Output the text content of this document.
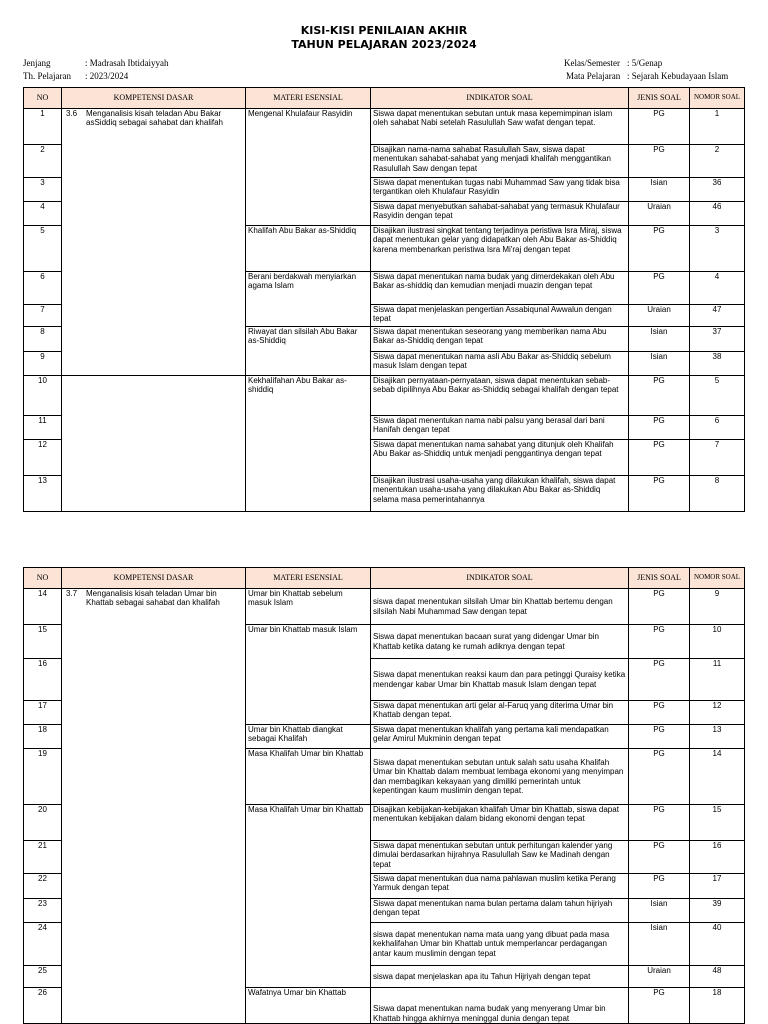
KISI-KISI PENILAIAN AKHIR
TAHUN PELAJARAN 2023/2024
Jenjang	: Madrasah Ibtidaiyyah
Th. Pelajaran : 2023/2024
Kelas/Semester : 5/Genap
Mata Pelajaran : Sejarah Kebudayaan Islam
NO	KOMPETENSI DASAR	MATERI ESENSIAL	INDIKATOR SOAL	JENIS SOAL	NOMOR SOAL
1	3.6 Menganalisis kisah teladan Abu Bakar asSiddiq sebagai sahabat dan khalifah	Mengenal Khulafaur Rasyidin	Siswa dapat menentukan sebutan untuk masa kepemimpinan islam oleh sahabat Nabi setelah Rasulullah Saw wafat dengan tepat.	PG	1
2			Disajikan nama-nama sahabat Rasulullah Saw, siswa dapat menentukan sahabat-sahabat yang menjadi khalifah menggantikan Rasulullah Saw dengan tepat	PG	2
3			Siswa dapat menentukan tugas nabi Muhammad Saw yang tidak bisa tergantikan oleh Khulafaur Rasyidin	Isian	36
4			Siswa dapat menyebutkan sahabat-sahabat yang termasuk Khulafaur Rasyidin dengan tepat	Uraian	46
5		Khalifah Abu Bakar as-Shiddiq	Disajikan ilustrasi singkat tentang terjadinya peristiwa Isra Miraj, siswa dapat menentukan gelar yang didapatkan oleh Abu Bakar as-Shiddiq karena membenarkan peristiwa Isra Mi'raj dengan tepat	PG	3
6		Berani berdakwah menyiarkan agama Islam	Siswa dapat menentukan nama budak yang dimerdekakan oleh Abu Bakar as-shiddiq dan kemudian menjadi muazin dengan tepat	PG	4
7			Siswa dapat menjelaskan pengertian Assabiqunal Awwalun dengan tepat	Uraian	47
8		Riwayat dan silsilah Abu Bakar as-Shiddiq	Siswa dapat menentukan seseorang yang memberikan nama Abu Bakar as-Shiddiq dengan tepat	Isian	37
9			Siswa dapat menentukan nama asli Abu Bakar as-Shiddiq sebelum masuk Islam dengan tepat	Isian	38
10		Kekhalifahan Abu Bakar as-shiddiq	Disajikan pernyataan-pernyataan, siswa dapat menentukan sebab-sebab dipilihnya Abu Bakar as-Shiddiq sebagai khalifah dengan tepat	PG	5
11			Siswa dapat menentukan nama nabi palsu yang berasal dari bani Hanifah dengan tepat	PG	6
12			Siswa dapat menentukan nama sahabat yang ditunjuk oleh Khalifah Abu Bakar as-Shiddiq untuk menjadi penggantinya dengan tepat	PG	7
13			Disajikan ilustrasi usaha-usaha yang dilakukan khalifah, siswa dapat menentukan usaha-usaha yang dilakukan Abu Bakar as-Shiddiq selama masa pemerintahannya	PG	8
NO	KOMPETENSI DASAR	MATERI ESENSIAL	INDIKATOR SOAL	JENIS SOAL	NOMOR SOAL
14	3.7 Menganalisis kisah teladan Umar bin Khattab sebagai sahabat dan khalifah	Umar bin Khattab sebelum masuk Islam	siswa dapat menentukan silsilah Umar bin Khattab bertemu dengan silsilah Nabi Muhammad Saw dengan tepat	PG	9
15		Umar bin Khattab masuk Islam	Siswa dapat menentukan bacaan surat yang didengar Umar bin Khattab ketika datang ke rumah adiknya dengan tepat	PG	10
16			Siswa dapat menentukan reaksi kaum dan para petinggi Quraisy ketika mendengar kabar Umar bin Khattab masuk Islam dengan tepat	PG	11
17			Siswa dapat menentukan arti gelar al-Faruq yang diterima Umar bin Khattab dengan tepat.	PG	12
18		Umar bin Khattab diangkat sebagai Khalifah	Siswa dapat menentukan khalifah yang pertama kali mendapatkan gelar Amirul Mukminin dengan tepat	PG	13
19		Masa Khalifah Umar bin Khattab	Siswa dapat menentukan sebutan untuk salah satu usaha Khalifah Umar bin Khattab dalam membuat lembaga ekonomi yang menyimpan dan membagikan kekayaan yang dimiliki pemerintah untuk kepentingan kaum muslimin dengan tepat.	PG	14
20		Masa Khalifah Umar bin Khattab	Disajikan kebijakan-kebijakan khalifah Umar bin Khattab, siswa dapat menentukan kebijakan dalam bidang ekonomi dengan tepat	PG	15
21			Siswa dapat menentukan sebutan untuk perhitungan kalender yang dimulai berdasarkan hijrahnya Rasulullah Saw ke Madinah dengan tepat	PG	16
22			Siswa dapat menentukan dua nama pahlawan muslim ketika Perang Yarmuk dengan tepat	PG	17
23			Siswa dapat menentukan nama bulan pertama dalam tahun hijriyah dengan tepat	Isian	39
24			siswa dapat menentukan nama mata uang yang dibuat pada masa kekhalifahan Umar bin Khattab untuk memperlancar perdagangan antar kaum muslimin dengan tepat	Isian	40
25			siswa dapat menjelaskan apa itu Tahun Hijriyah dengan tepat	Uraian	48
26		Wafatnya Umar bin Khattab	Siswa dapat menentukan nama budak yang menyerang Umar bin Khattab hingga akhirnya meninggal dunia dengan tepat	PG	18
